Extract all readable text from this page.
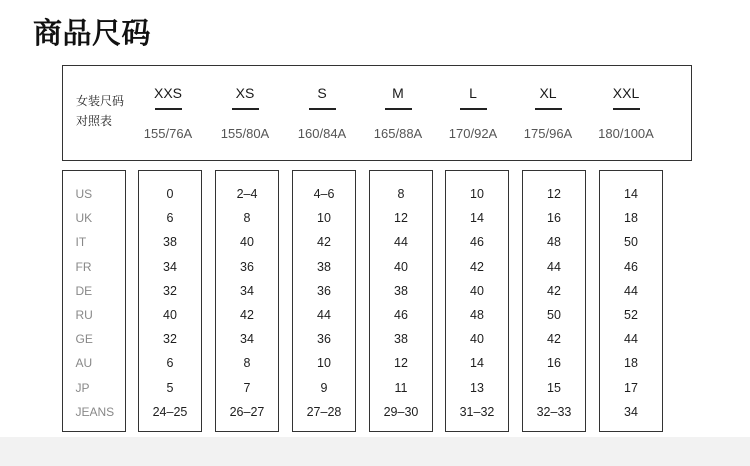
商品尺码
女装尺码
对照表
XXS
155/76A
XS
155/80A
S
160/84A
M
165/88A
L
170/92A
XL
175/96A
XXL
180/100A
US
UK
IT
FR
DE
RU
GE
AU
JP
JEANS
0
6
38
34
32
40
32
6
5
24–25
2–4
8
40
36
34
42
34
8
7
26–27
4–6
10
42
38
36
44
36
10
9
27–28
8
12
44
40
38
46
38
12
11
29–30
10
14
46
42
40
48
40
14
13
31–32
12
16
48
44
42
50
42
16
15
32–33
14
18
50
46
44
52
44
18
17
34
